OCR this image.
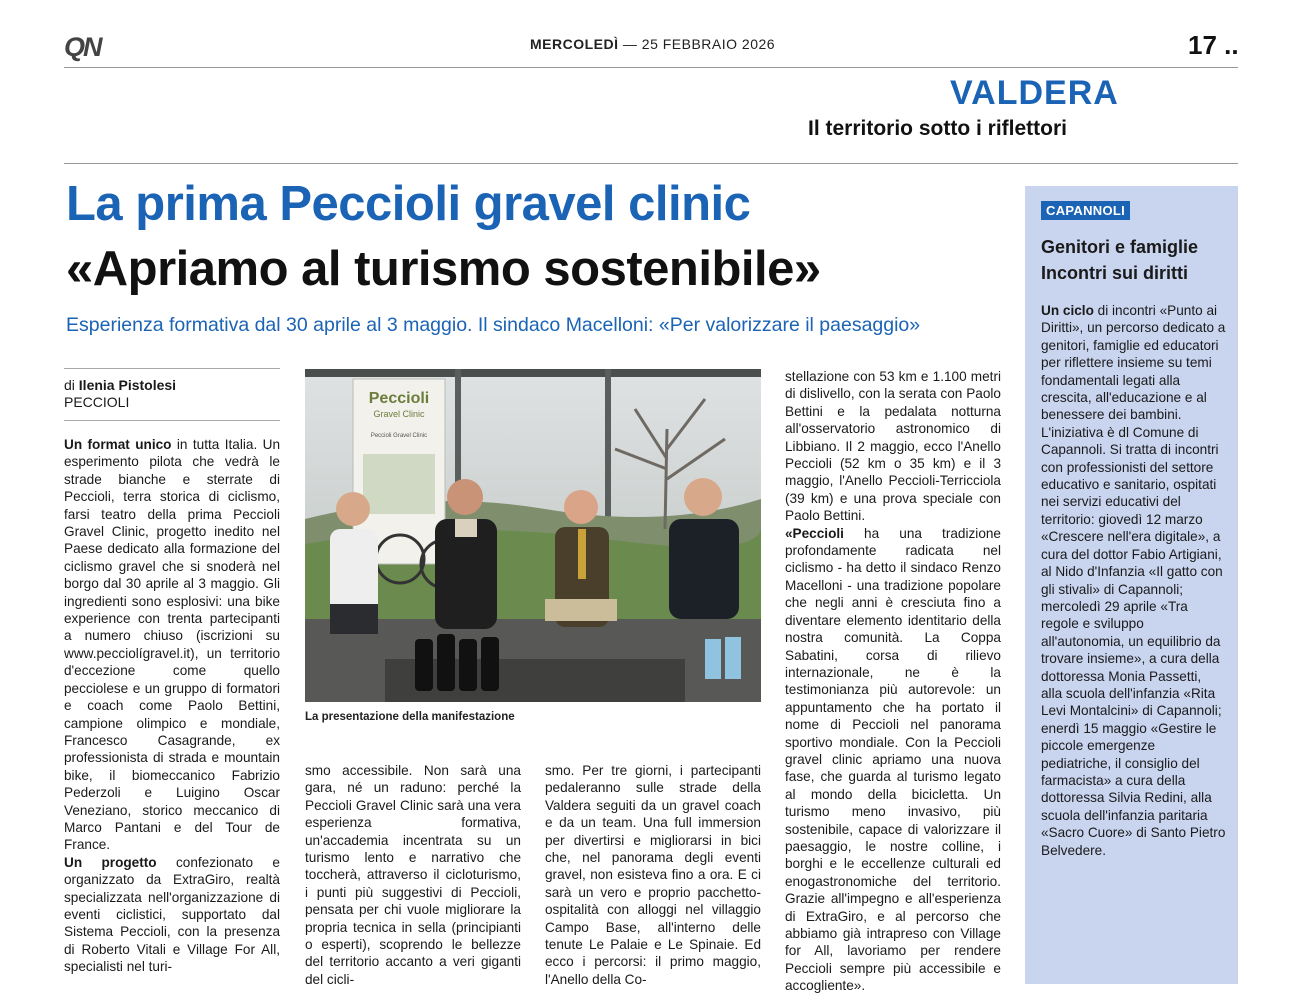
QN	MERCOLEDÌ — 25 FEBBRAIO 2026	17 ..
VALDERA
Il territorio sotto i riflettori
La prima Peccioli gravel clinic
«Apriamo al turismo sostenibile»
Esperienza formativa dal 30 aprile al 3 maggio. Il sindaco Macelloni: «Per valorizzare il paesaggio»
di Ilenia Pistolesi
PECCIOLI

Un format unico in tutta Italia. Un esperimento pilota che vedrà le strade bianche e sterrate di Peccioli, terra storica di ciclismo, farsi teatro della prima Peccioli Gravel Clinic, progetto inedito nel Paese dedicato alla formazione del ciclismo gravel che si snoderà nel borgo dal 30 aprile al 3 maggio. Gli ingredienti sono esplosivi: una bike experience con trenta partecipanti a numero chiuso (iscrizioni su www.pecciolígravel.it), un territorio d'eccezione come quello pecciolese e un gruppo di formatori e coach come Paolo Bettini, campione olimpico e mondiale, Francesco Casagrande, ex professionista di strada e mountain bike, il biomeccanico Fabrizio Pederzoli e Luigino Oscar Veneziano, storico meccanico di Marco Pantani e del Tour de France.

Un progetto confezionato e organizzato da ExtraGiro, realtà specializzata nell'organizzazione di eventi ciclistici, supportato dal Sistema Peccioli, con la presenza di Roberto Vitali e Village For All, specialisti nel turi-

Peccioli
Gravel Clinic
Peccioli Gravel Clinic
La presentazione della manifestazione

smo accessibile. Non sarà una gara, né un raduno: perché la Peccioli Gravel Clinic sarà una vera esperienza formativa, un'accademia incentrata su un turismo lento e narrativo che toccherà, attraverso il cicloturismo, i punti più suggestivi di Peccioli, pensata per chi vuole migliorare la propria tecnica in sella (principianti o esperti), scoprendo le bellezze del territorio accanto a veri giganti del cicli-

smo. Per tre giorni, i partecipanti pedaleranno sulle strade della Valdera seguiti da un gravel coach e da un team. Una full immersion per divertirsi e migliorarsi in bici che, nel panorama degli eventi gravel, non esisteva fino a ora. E ci sarà un vero e proprio pacchetto-ospitalità con alloggi nel villaggio Campo Base, all'interno delle tenute Le Palaie e Le Spinaie. Ed ecco i percorsi: il primo maggio, l'Anello della Co-

stellazione con 53 km e 1.100 metri di dislivello, con la serata con Paolo Bettini e la pedalata notturna all'osservatorio astronomico di Libbiano. Il 2 maggio, ecco l'Anello Peccioli (52 km o 35 km) e il 3 maggio, l'Anello Peccioli-Terricciola (39 km) e una prova speciale con Paolo Bettini.

«Peccioli ha una tradizione profondamente radicata nel ciclismo - ha detto il sindaco Renzo Macelloni - una tradizione popolare che negli anni è cresciuta fino a diventare elemento identitario della nostra comunità. La Coppa Sabatini, corsa di rilievo internazionale, ne è la testimonianza più autorevole: un appuntamento che ha portato il nome di Peccioli nel panorama sportivo mondiale. Con la Peccioli gravel clinic apriamo una nuova fase, che guarda al turismo legato al mondo della bicicletta. Un turismo meno invasivo, più sostenibile, capace di valorizzare il paesaggio, le nostre colline, i borghi e le eccellenze culturali ed enogastronomiche del territorio. Grazie all'impegno e all'esperienza di ExtraGiro, e al percorso che abbiamo già intrapreso con Village for All, lavoriamo per rendere Peccioli sempre più accessibile e accogliente».

CAPANNOLI
Genitori e famiglie
Incontri sui diritti
Un ciclo di incontri «Punto ai Diritti», un percorso dedicato a genitori, famiglie ed educatori per riflettere insieme su temi fondamentali legati alla crescita, all'educazione e al benessere dei bambini. L'iniziativa è dl Comune di Capannoli. Si tratta di incontri con professionisti del settore educativo e sanitario, ospitati nei servizi educativi del territorio: giovedì 12 marzo «Crescere nell'era digitale», a cura del dottor Fabio Artigiani, al Nido d'Infanzia «Il gatto con gli stivali» di Capannoli; mercoledì 29 aprile «Tra regole e sviluppo all'autonomia, un equilibrio da trovare insieme», a cura della dottoressa Monia Passetti, alla scuola dell'infanzia «Rita Levi Montalcini» di Capannoli; enerdì 15 maggio «Gestire le piccole emergenze pediatriche, il consiglio del farmacista» a cura della dottoressa Silvia Redini, alla scuola dell'infanzia paritaria «Sacro Cuore» di Santo Pietro Belvedere.
